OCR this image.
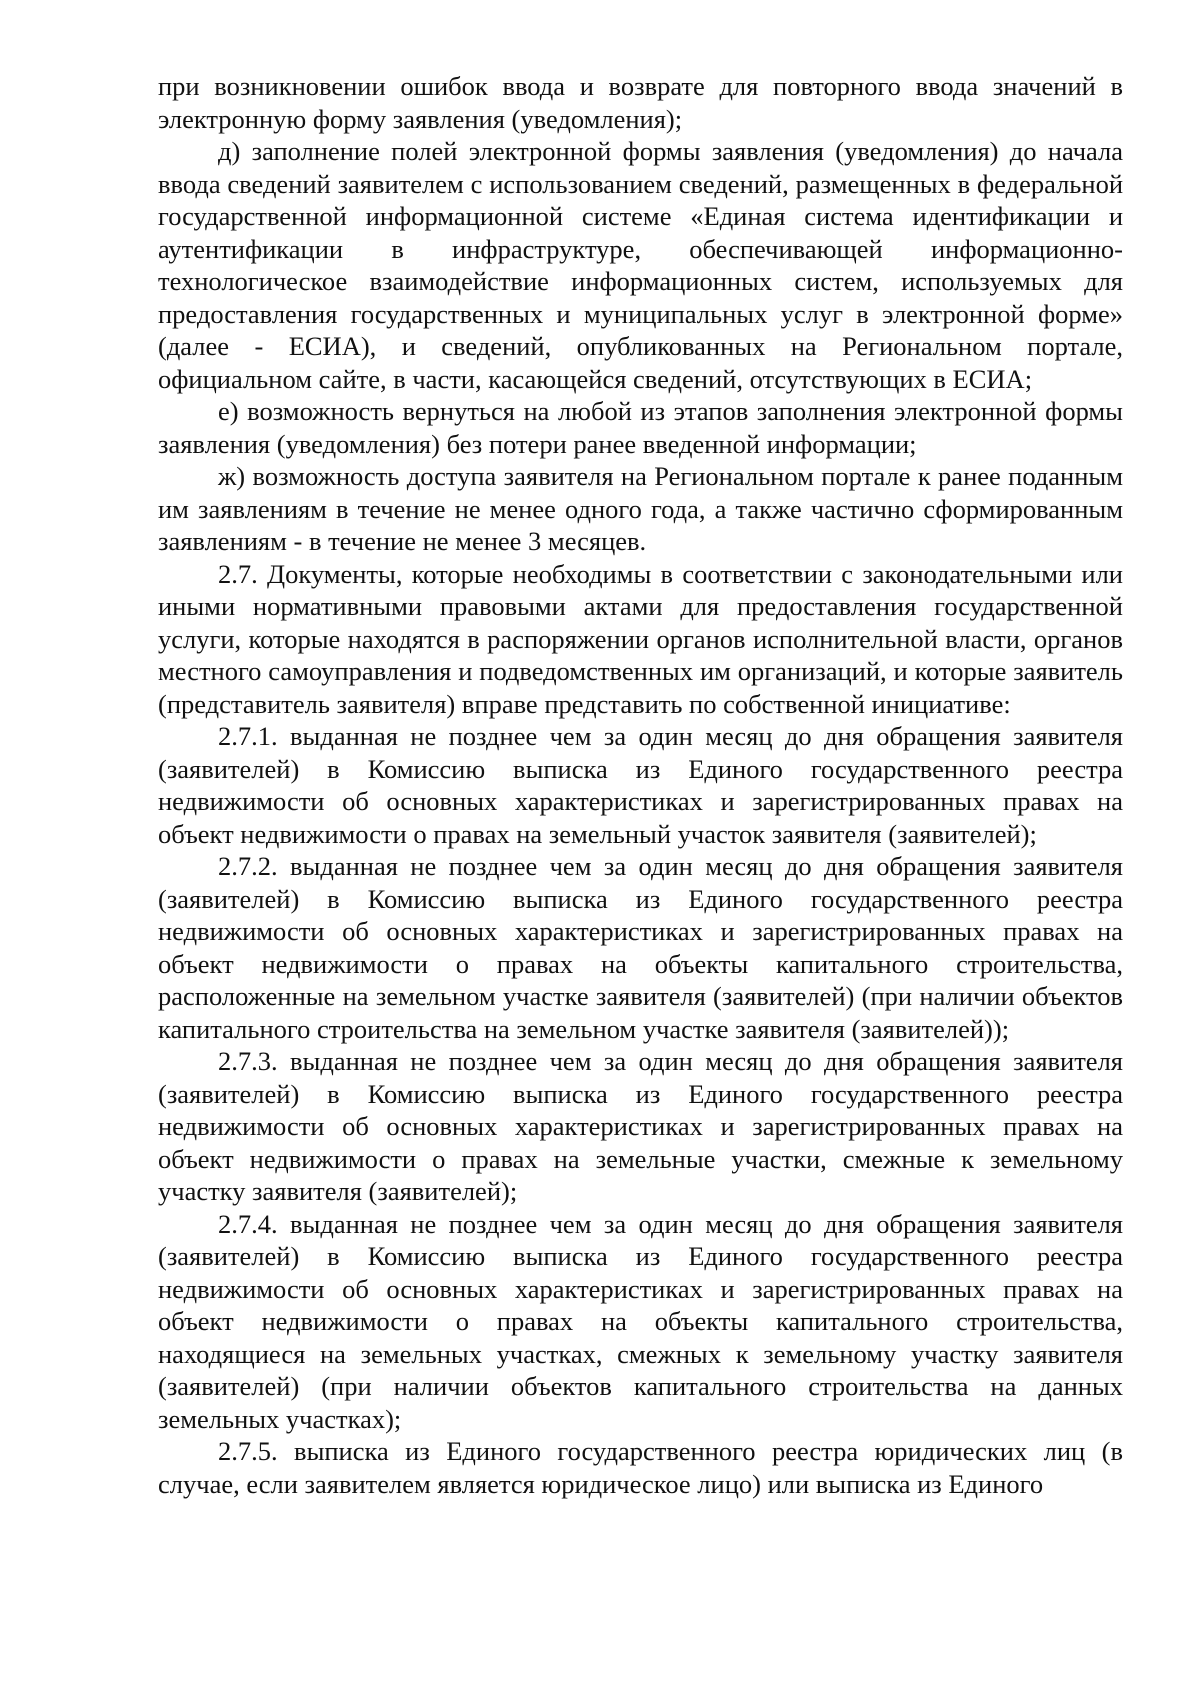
при возникновении ошибок ввода и возврате для повторного ввода значений в электронную форму заявления (уведомления);

д) заполнение полей электронной формы заявления (уведомления) до начала ввода сведений заявителем с использованием сведений, размещенных в федеральной государственной информационной системе «Единая система идентификации и аутентификации в инфраструктуре, обеспечивающей информационно-технологическое взаимодействие информационных систем, используемых для предоставления государственных и муниципальных услуг в электронной форме» (далее - ЕСИА), и сведений, опубликованных на Региональном портале, официальном сайте, в части, касающейся сведений, отсутствующих в ЕСИА;

е) возможность вернуться на любой из этапов заполнения электронной формы заявления (уведомления) без потери ранее введенной информации;

ж) возможность доступа заявителя на Региональном портале к ранее поданным им заявлениям в течение не менее одного года, а также частично сформированным заявлениям - в течение не менее 3 месяцев.

2.7. Документы, которые необходимы в соответствии с законодательными или иными нормативными правовыми актами для предоставления государственной услуги, которые находятся в распоряжении органов исполнительной власти, органов местного самоуправления и подведомственных им организаций, и которые заявитель (представитель заявителя) вправе представить по собственной инициативе:

2.7.1. выданная не позднее чем за один месяц до дня обращения заявителя (заявителей) в Комиссию выписка из Единого государственного реестра недвижимости об основных характеристиках и зарегистрированных правах на объект недвижимости о правах на земельный участок заявителя (заявителей);

2.7.2. выданная не позднее чем за один месяц до дня обращения заявителя (заявителей) в Комиссию выписка из Единого государственного реестра недвижимости об основных характеристиках и зарегистрированных правах на объект недвижимости о правах на объекты капитального строительства, расположенные на земельном участке заявителя (заявителей) (при наличии объектов капитального строительства на земельном участке заявителя (заявителей));

2.7.3. выданная не позднее чем за один месяц до дня обращения заявителя (заявителей) в Комиссию выписка из Единого государственного реестра недвижимости об основных характеристиках и зарегистрированных правах на объект недвижимости о правах на земельные участки, смежные к земельному участку заявителя (заявителей);

2.7.4. выданная не позднее чем за один месяц до дня обращения заявителя (заявителей) в Комиссию выписка из Единого государственного реестра недвижимости об основных характеристиках и зарегистрированных правах на объект недвижимости о правах на объекты капитального строительства, находящиеся на земельных участках, смежных к земельному участку заявителя (заявителей) (при наличии объектов капитального строительства на данных земельных участках);

2.7.5. выписка из Единого государственного реестра юридических лиц (в случае, если заявителем является юридическое лицо) или выписка из Единого
